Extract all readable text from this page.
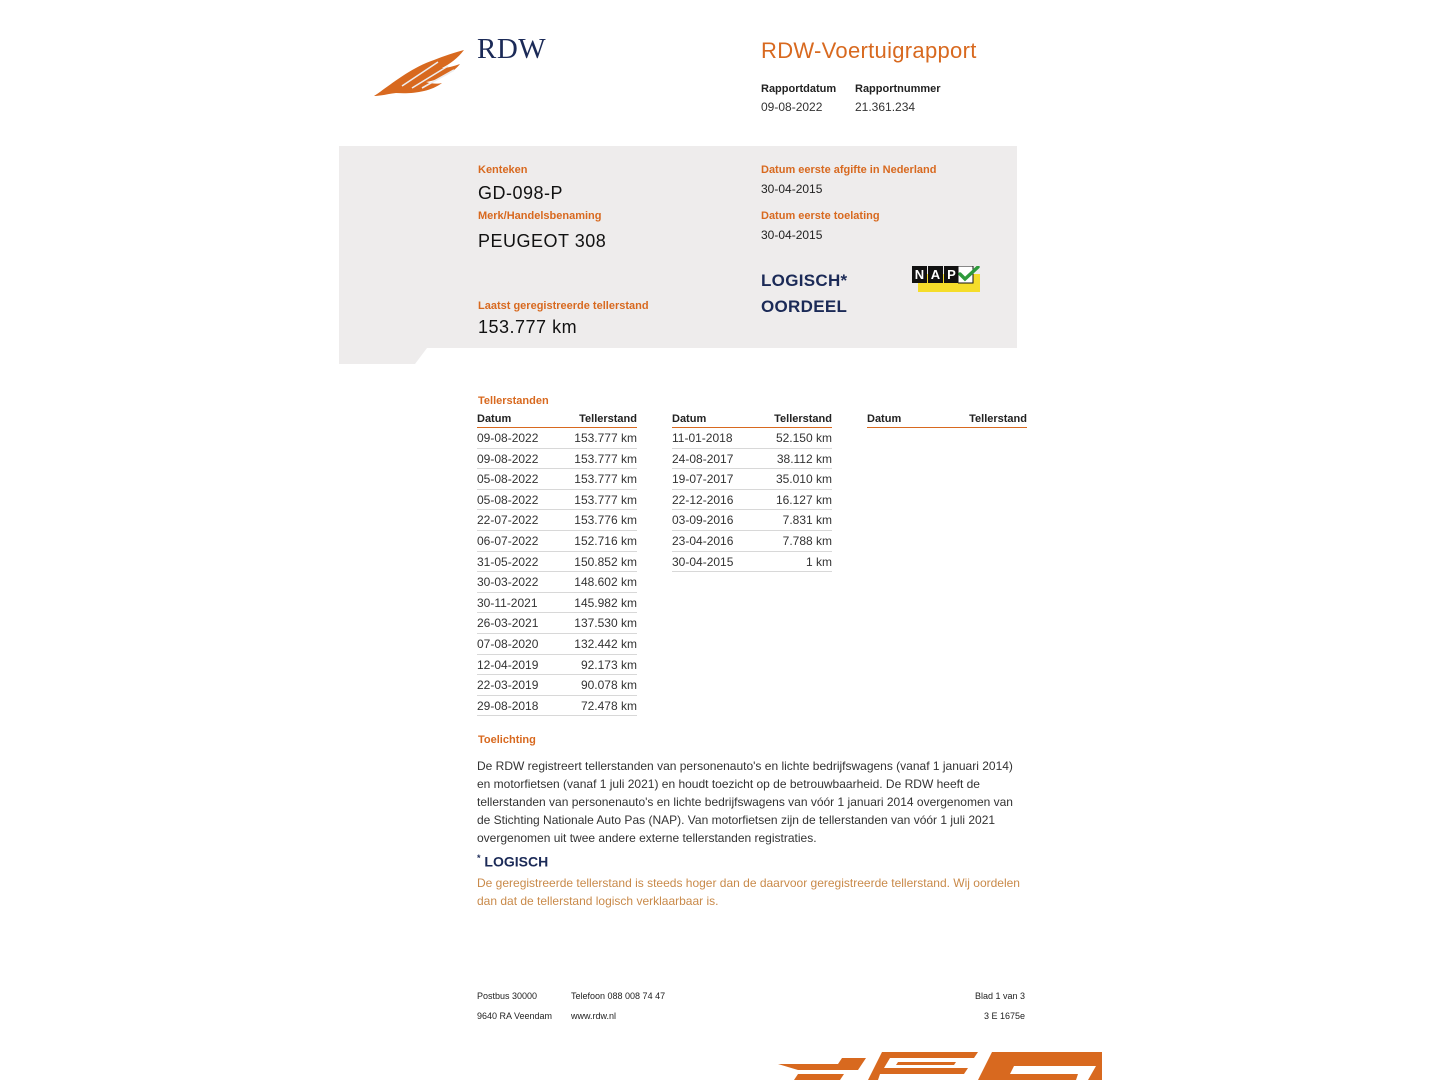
RDW	RDW-Voertuigrapport
Rapportdatum
09-08-2022
Rapportnummer
21.361.234
Kenteken
GD-098-P
Merk/Handelsbenaming
PEUGEOT 308
Laatst geregistreerde tellerstand
153.777 km
Datum eerste afgifte in Nederland
30-04-2015
Datum eerste toelating
30-04-2015
LOGISCH*
OORDEEL
N A P
Tellerstanden
Datum	Tellerstand
09-08-2022	153.777 km
09-08-2022	153.777 km
05-08-2022	153.777 km
05-08-2022	153.777 km
22-07-2022	153.776 km
06-07-2022	152.716 km
31-05-2022	150.852 km
30-03-2022	148.602 km
30-11-2021	145.982 km
26-03-2021	137.530 km
07-08-2020	132.442 km
12-04-2019	92.173 km
22-03-2019	90.078 km
29-08-2018	72.478 km
Datum	Tellerstand
11-01-2018	52.150 km
24-08-2017	38.112 km
19-07-2017	35.010 km
22-12-2016	16.127 km
03-09-2016	7.831 km
23-04-2016	7.788 km
30-04-2015	1 km
Datum	Tellerstand
Toelichting
De RDW registreert tellerstanden van personenauto's en lichte bedrijfswagens (vanaf 1 januari 2014) en motorfietsen (vanaf 1 juli 2021) en houdt toezicht op de betrouwbaarheid. De RDW heeft de tellerstanden van personenauto's en lichte bedrijfswagens van vóór 1 januari 2014 overgenomen van de Stichting Nationale Auto Pas (NAP). Van motorfietsen zijn de tellerstanden van vóór 1 juli 2021 overgenomen uit twee andere externe tellerstanden registraties.
* LOGISCH
De geregistreerde tellerstand is steeds hoger dan de daarvoor geregistreerde tellerstand. Wij oordelen dan dat de tellerstand logisch verklaarbaar is.
Postbus 30000
9640 RA Veendam
Telefoon 088 008 74 47
www.rdw.nl
Blad 1 van 3
3 E 1675e
